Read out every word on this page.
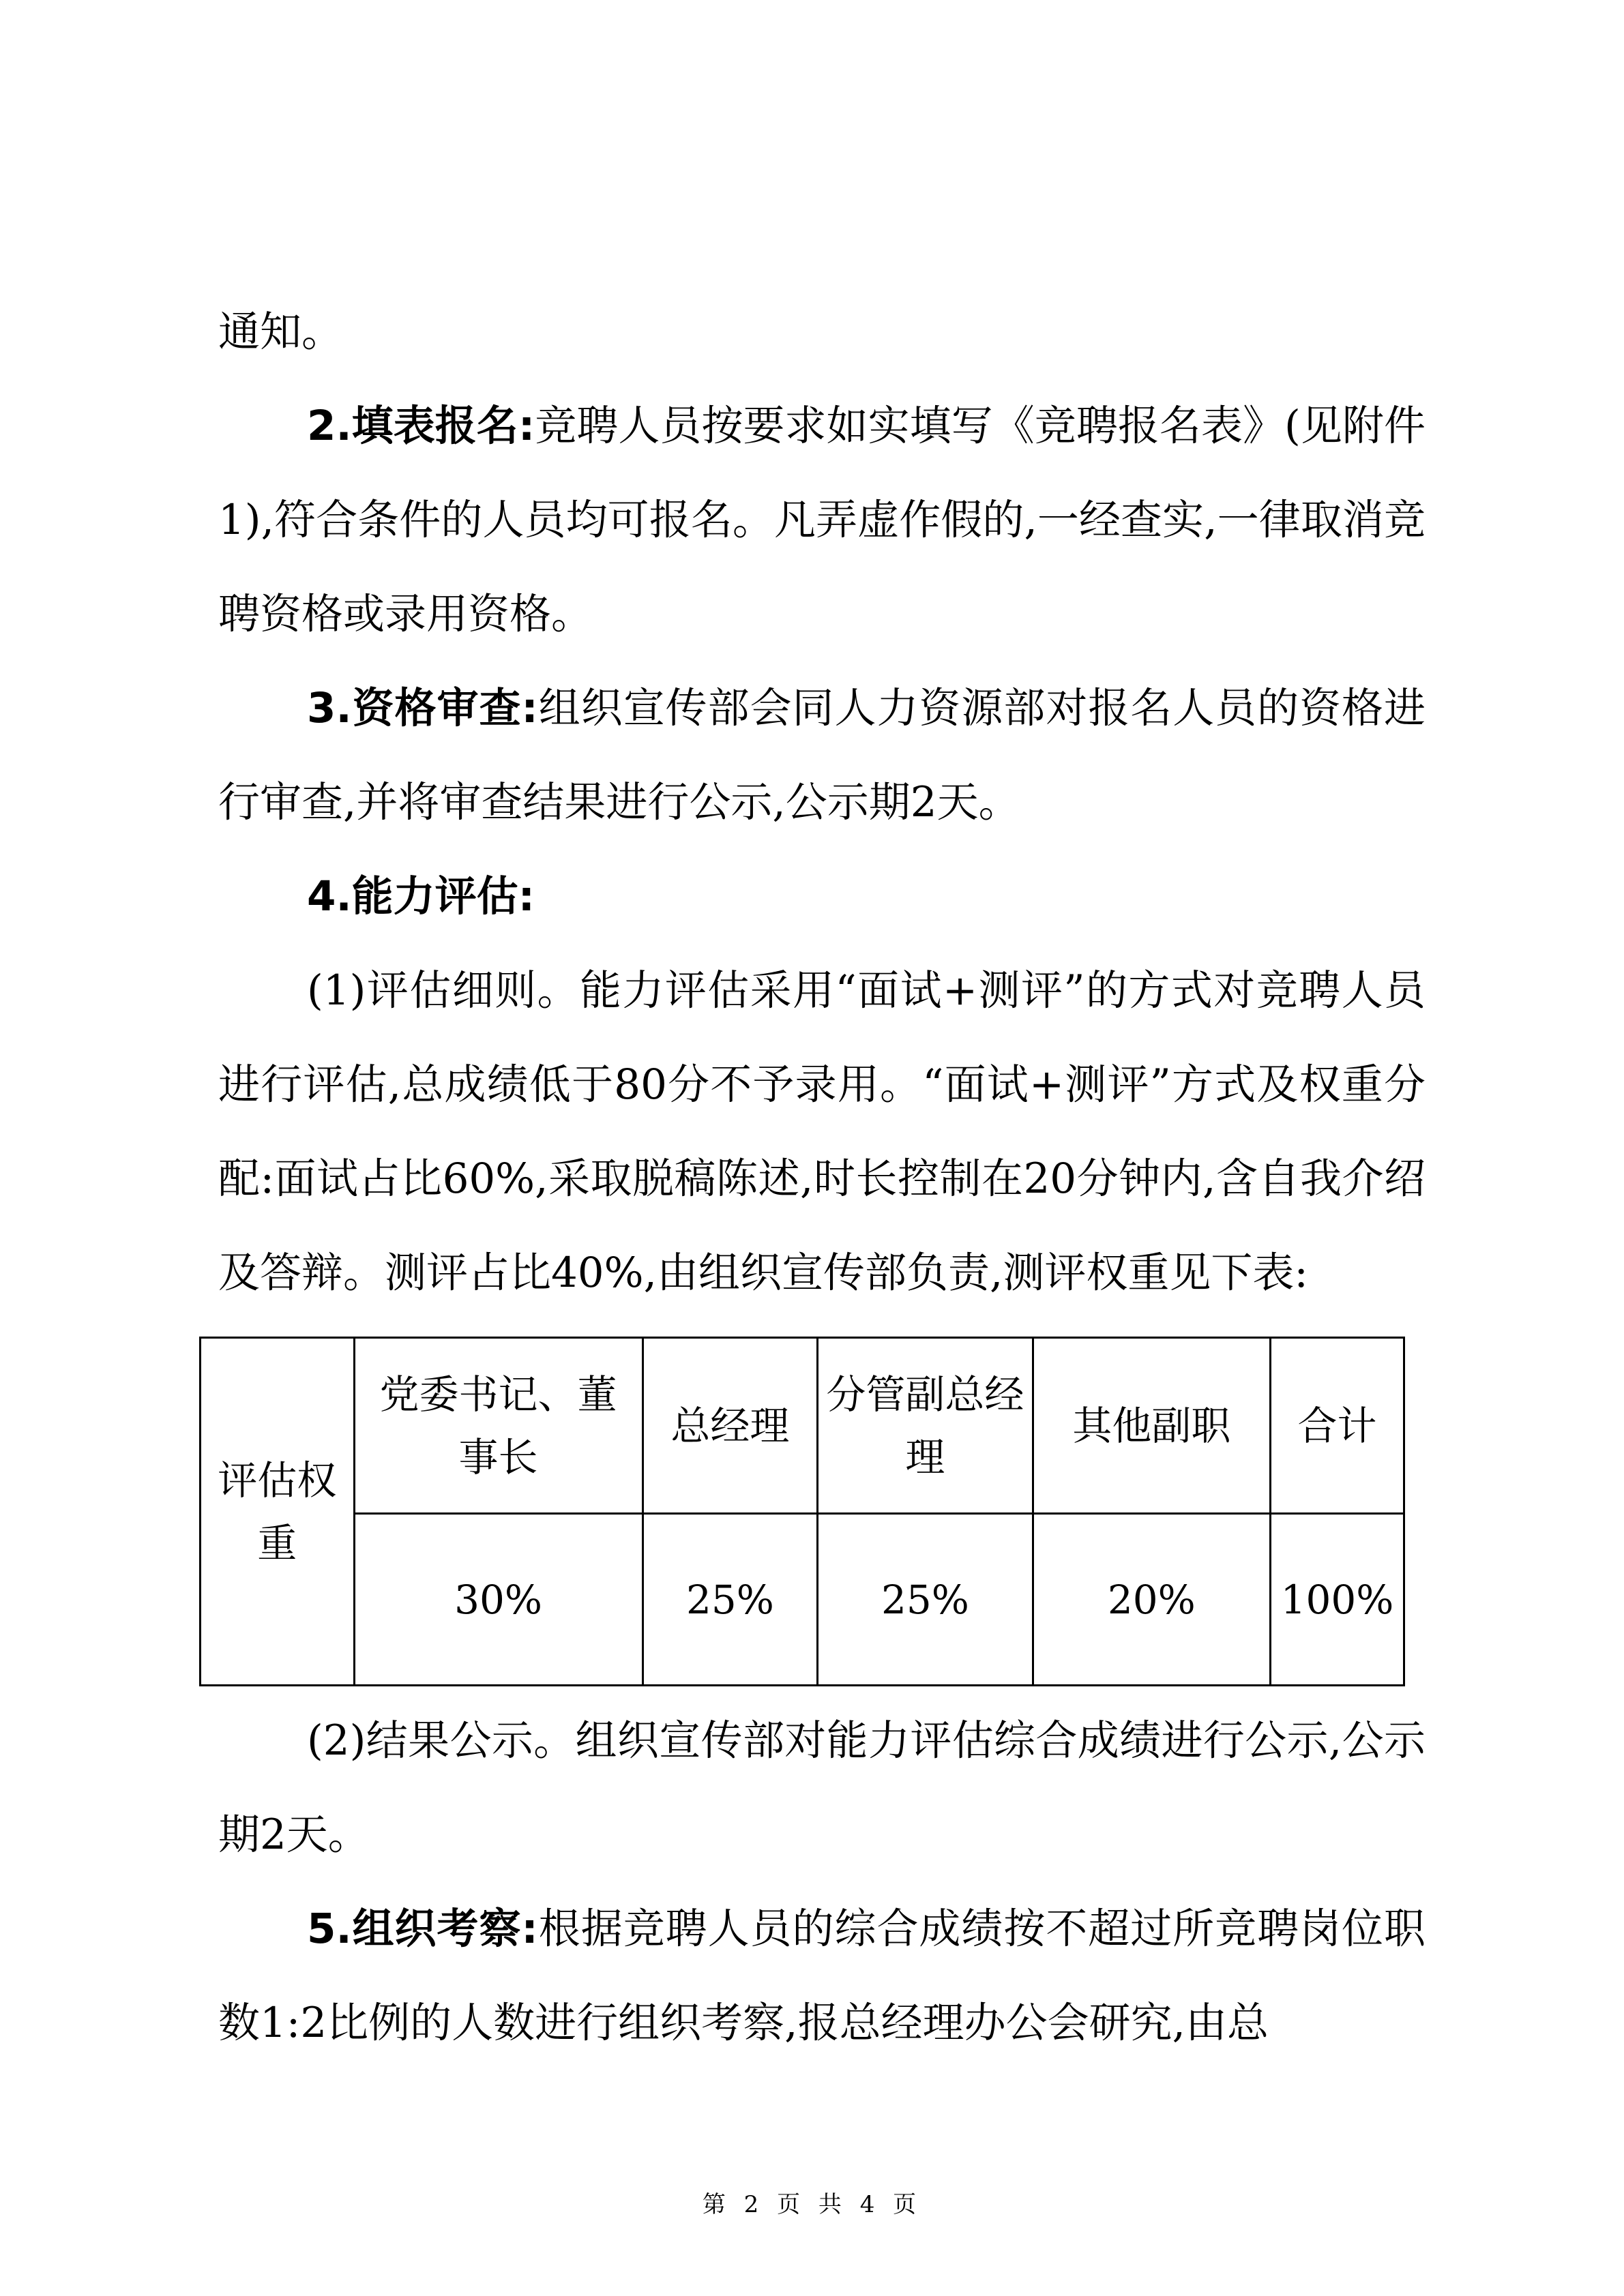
通知。

2.填表报名:竞聘人员按要求如实填写《竞聘报名表》(见附件1),符合条件的人员均可报名。凡弄虚作假的,一经查实,一律取消竞聘资格或录用资格。

3.资格审查:组织宣传部会同人力资源部对报名人员的资格进行审查,并将审查结果进行公示,公示期2天。

4.能力评估:

(1)评估细则。能力评估采用“面试+测评”的方式对竞聘人员进行评估,总成绩低于80分不予录用。“面试+测评”方式及权重分配:面试占比60%,采取脱稿陈述,时长控制在20分钟内,含自我介绍及答辩。测评占比40%,由组织宣传部负责,测评权重见下表:

评估权重	党委书记、董事长	总经理	分管副总经理	其他副职	合计
	30%	25%	25%	20%	100%

(2)结果公示。组织宣传部对能力评估综合成绩进行公示,公示期2天。

5.组织考察:根据竞聘人员的综合成绩按不超过所竞聘岗位职数1:2比例的人数进行组织考察,报总经理办公会研究,由总

第 2 页 共 4 页
